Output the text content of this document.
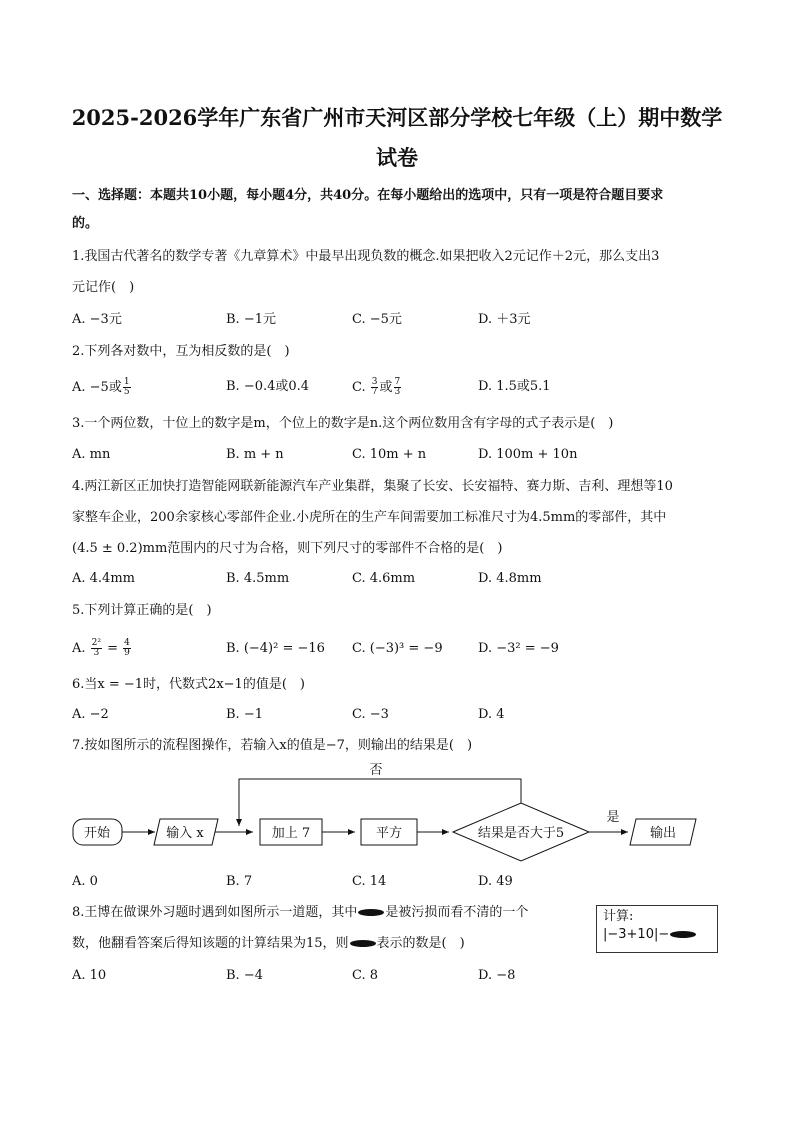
2025-2026学年广东省广州市天河区部分学校七年级（上）期中数学
试卷
一、选择题：本题共10小题，每小题4分，共40分。在每小题给出的选项中，只有一项是符合题目要求
的。
1.我国古代著名的数学专著《九章算术》中最早出现负数的概念.如果把收入2元记作＋2元，那么支出3
元记作(　)
A. −3元	B. −1元	C. −5元	D. ＋3元
2.下列各对数中，互为相反数的是(　)
A. −5或 $\frac{1}{5}$	B. −0.4或0.4	C. $\frac{3}{7}$ 或 $\frac{7}{3}$	D. 1.5或5.1
3.一个两位数，十位上的数字是m，个位上的数字是n.这个两位数用含有字母的式子表示是(　)
A. mn	B. m + n	C. 10m + n	D. 100m + 10n
4.两江新区正加快打造智能网联新能源汽车产业集群，集聚了长安、长安福特、赛力斯、吉利、理想等10
家整车企业，200余家核心零部件企业.小虎所在的生产车间需要加工标准尺寸为4.5mm的零部件，其中
(4.5 ± 0.2)mm范围内的尺寸为合格，则下列尺寸的零部件不合格的是(　)
A. 4.4mm	B. 4.5mm	C. 4.6mm	D. 4.8mm
5.下列计算正确的是(　)
A. $\frac{\text{2²}}{3} = \frac{4}{9}$	B. (−4)² = −16 C. (−3)³ = −9	D. −3² = −9
6.当x = −1时，代数式2x−1的值是(　)
A. −2	B. −1	C. −3	D. 4
7.按如图所示的流程图操作，若输入x的值是−7，则输出的结果是(　)
开始	输入 x	加上 7	平方	结果是否大于5
是
输出
否
A. 0	B. 7	C. 14	D. 49
8.王博在做课外习题时遇到如图所示一道题，其中 是被污损而看不清的一个
数，他翻看答案后得知该题的计算结果为15，则 表示的数是(　)
计算:
|−3+10|−
A. 10	B. −4	C. 8	D. −8
